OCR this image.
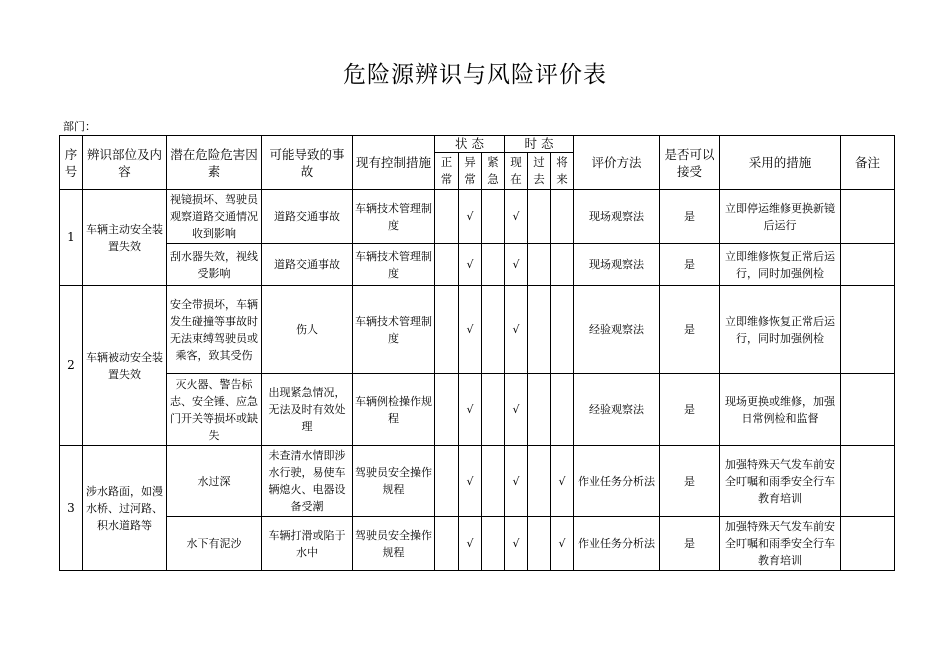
危险源辨识与风险评价表
部门：
序号	辨识部位及内容	潜在危险危害因素	可能导致的事故	现有控制措施	状 态			时 态			评价方法	是否可以接受	采用的措施	备注
					正常	异常	紧急	现在	过去	将来				
1	车辆主动安全装置失效	视镜损坏、驾驶员观察道路交通情况收到影响	道路交通事故	车辆技术管理制度		√		√			现场观察法	是	立即停运维修更换新镜后运行	
		刮水器失效，视线受影响	道路交通事故	车辆技术管理制度		√		√			现场观察法	是	立即维修恢复正常后运行，同时加强例检	
2	车辆被动安全装置失效	安全带损坏，车辆发生碰撞等事故时无法束缚驾驶员或乘客，致其受伤	伤人	车辆技术管理制度		√		√			经验观察法	是	立即维修恢复正常后运行，同时加强例检	
		灭火器、警告标志、安全锤、应急门开关等损坏或缺失	出现紧急情况，无法及时有效处理	车辆例检操作规程		√		√			经验观察法	是	现场更换或维修，加强日常例检和监督	
3	涉水路面，如漫水桥、过河路、积水道路等	水过深	未查清水情即涉水行驶，易使车辆熄火、电器设备受潮	驾驶员安全操作规程		√		√		√	作业任务分析法	是	加强特殊天气发车前安全叮嘱和雨季安全行车教育培训	
		水下有泥沙	车辆打滑或陷于水中	驾驶员安全操作规程		√		√		√	作业任务分析法	是	加强特殊天气发车前安全叮嘱和雨季安全行车教育培训	
